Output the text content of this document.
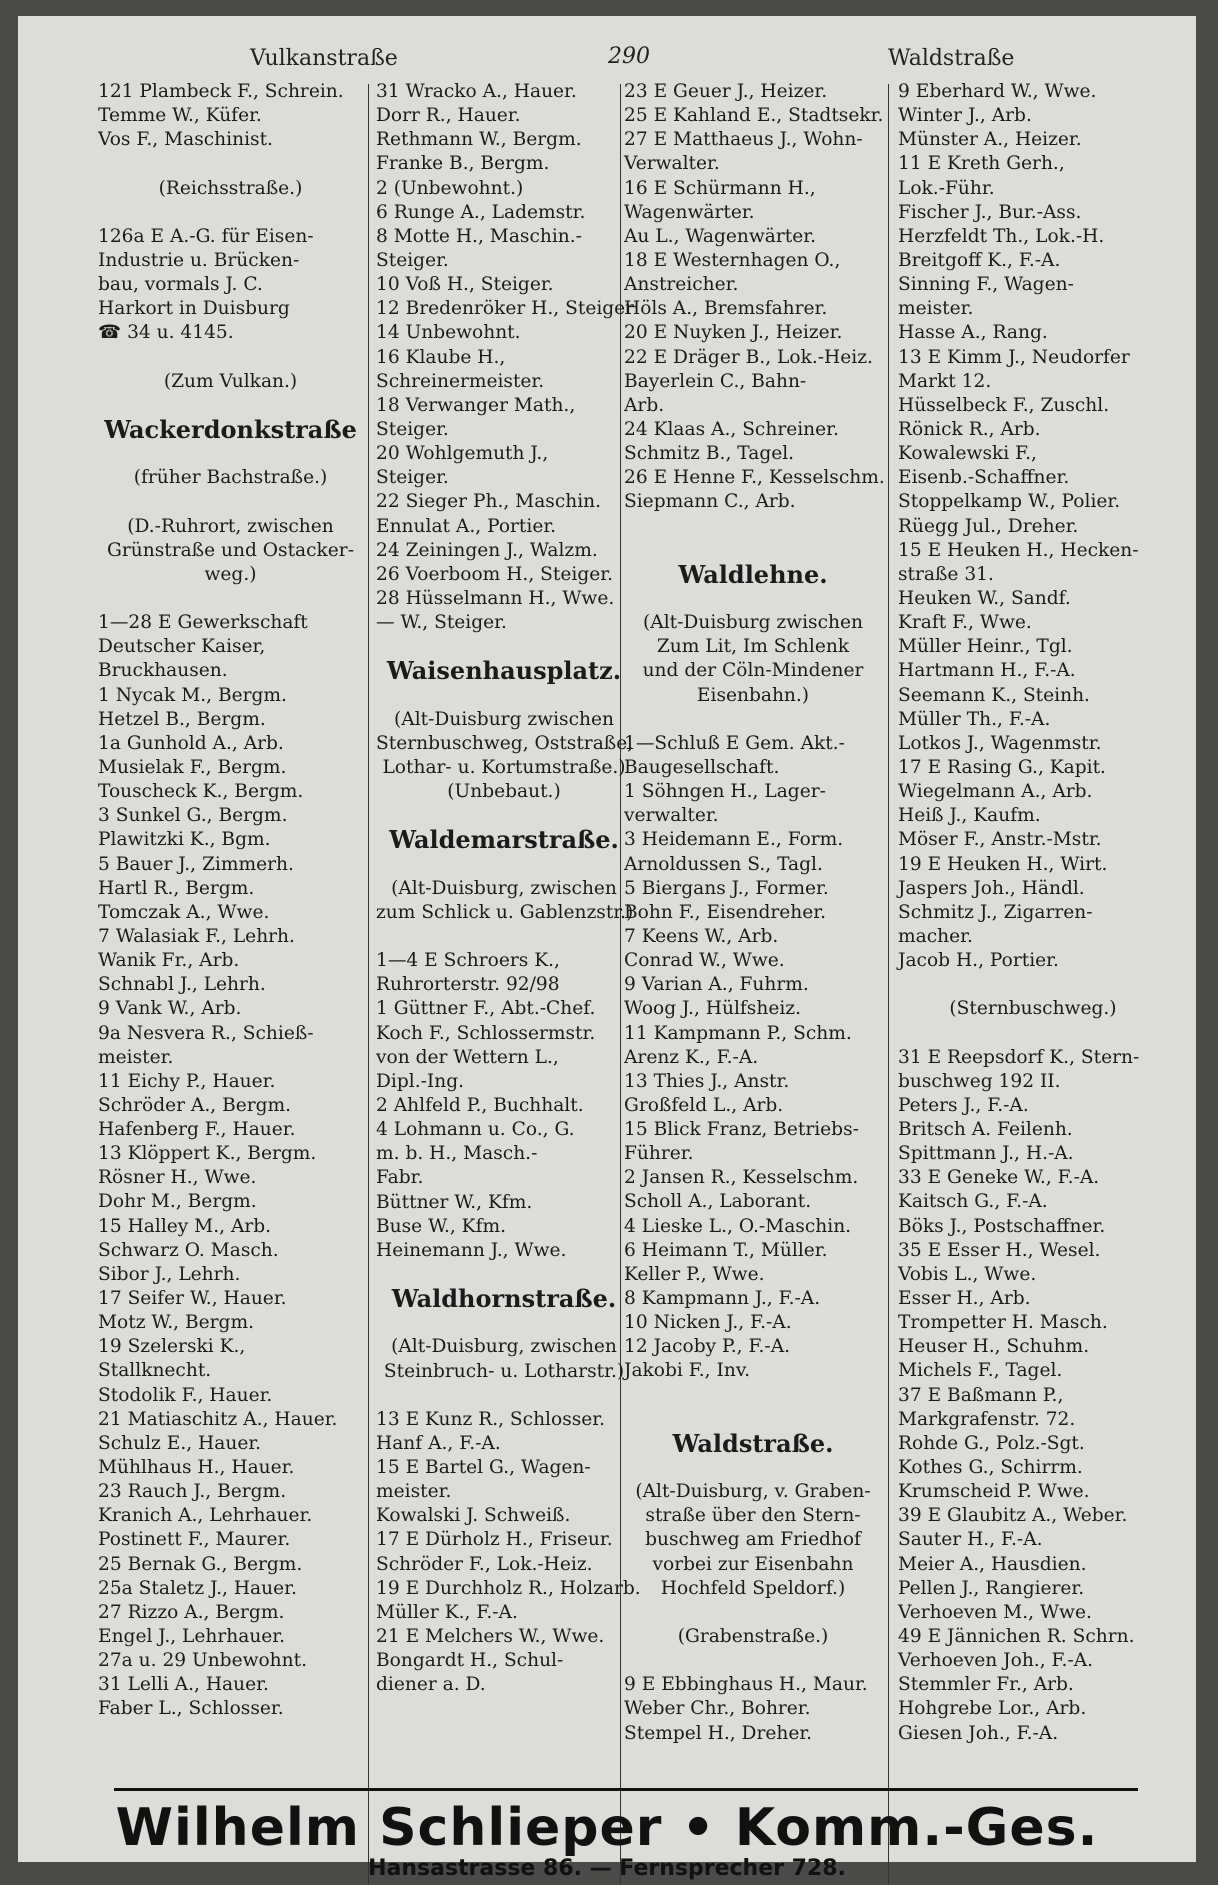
Vulkanstraße	290	Waldstraße
121 Plambeck F., Schrein.
Temme W., Küfer.
Vos F., Maschinist.
(Reichsstraße.)
126a E A.-G. für Eisen-
Industrie u. Brücken-
bau, vormals J. C.
Harkort in Duisburg
☎ 34 u. 4145.
(Zum Vulkan.)
Wackerdonkstraße
(früher Bachstraße.)
(D.-Ruhrort, zwischen
Grünstraße und Ostacker-
weg.)
1—28 E Gewerkschaft
Deutscher Kaiser,
Bruckhausen.
1 Nycak M., Bergm.
Hetzel B., Bergm.
1a Gunhold A., Arb.
Musielak F., Bergm.
Touscheck K., Bergm.
3 Sunkel G., Bergm.
Plawitzki K., Bgm.
5 Bauer J., Zimmerh.
Hartl R., Bergm.
Tomczak A., Wwe.
7 Walasiak F., Lehrh.
Wanik Fr., Arb.
Schnabl J., Lehrh.
9 Vank W., Arb.
9a Nesvera R., Schieß-
meister.
11 Eichy P., Hauer.
Schröder A., Bergm.
Hafenberg F., Hauer.
13 Klöppert K., Bergm.
Rösner H., Wwe.
Dohr M., Bergm.
15 Halley M., Arb.
Schwarz O. Masch.
Sibor J., Lehrh.
17 Seifer W., Hauer.
Motz W., Bergm.
19 Szelerski K.,
Stallknecht.
Stodolik F., Hauer.
21 Matiaschitz A., Hauer.
Schulz E., Hauer.
Mühlhaus H., Hauer.
23 Rauch J., Bergm.
Kranich A., Lehrhauer.
Postinett F., Maurer.
25 Bernak G., Bergm.
25a Staletz J., Hauer.
27 Rizzo A., Bergm.
Engel J., Lehrhauer.
27a u. 29 Unbewohnt.
31 Lelli A., Hauer.
Faber L., Schlosser.
31 Wracko A., Hauer.
Dorr R., Hauer.
Rethmann W., Bergm.
Franke B., Bergm.
2 (Unbewohnt.)
6 Runge A., Lademstr.
8 Motte H., Maschin.-
Steiger.
10 Voß H., Steiger.
12 Bredenröker H., Steiger
14 Unbewohnt.
16 Klaube H.,
Schreinermeister.
18 Verwanger Math.,
Steiger.
20 Wohlgemuth J.,
Steiger.
22 Sieger Ph., Maschin.
Ennulat A., Portier.
24 Zeiningen J., Walzm.
26 Voerboom H., Steiger.
28 Hüsselmann H., Wwe.
— W., Steiger.
Waisenhausplatz.
(Alt-Duisburg zwischen
Sternbuschweg, Oststraße,
Lothar- u. Kortumstraße.)
(Unbebaut.)
Waldemarstraße.
(Alt-Duisburg, zwischen
zum Schlick u. Gablenzstr.)
1—4 E Schroers K.,
Ruhrorterstr. 92/98
1 Güttner F., Abt.-Chef.
Koch F., Schlossermstr.
von der Wettern L.,
Dipl.-Ing.
2 Ahlfeld P., Buchhalt.
4 Lohmann u. Co., G.
m. b. H., Masch.-
Fabr.
Büttner W., Kfm.
Buse W., Kfm.
Heinemann J., Wwe.
Waldhornstraße.
(Alt-Duisburg, zwischen
Steinbruch- u. Lotharstr.)
13 E Kunz R., Schlosser.
Hanf A., F.-A.
15 E Bartel G., Wagen-
meister.
Kowalski J. Schweiß.
17 E Dürholz H., Friseur.
Schröder F., Lok.-Heiz.
19 E Durchholz R., Holzarb.
Müller K., F.-A.
21 E Melchers W., Wwe.
Bongardt H., Schul-
diener a. D.
23 E Geuer J., Heizer.
25 E Kahland E., Stadtsekr.
27 E Matthaeus J., Wohn-
Verwalter.
16 E Schürmann H.,
Wagenwärter.
Au L., Wagenwärter.
18 E Westernhagen O.,
Anstreicher.
Höls A., Bremsfahrer.
20 E Nuyken J., Heizer.
22 E Dräger B., Lok.-Heiz.
Bayerlein C., Bahn-
Arb.
24 Klaas A., Schreiner.
Schmitz B., Tagel.
26 E Henne F., Kesselschm.
Siepmann C., Arb.
Waldlehne.
(Alt-Duisburg zwischen
Zum Lit, Im Schlenk
und der Cöln-Mindener
Eisenbahn.)
1—Schluß E Gem. Akt.-
Baugesellschaft.
1 Söhngen H., Lager-
verwalter.
3 Heidemann E., Form.
Arnoldussen S., Tagl.
5 Biergans J., Former.
Bohn F., Eisendreher.
7 Keens W., Arb.
Conrad W., Wwe.
9 Varian A., Fuhrm.
Woog J., Hülfsheiz.
11 Kampmann P., Schm.
Arenz K., F.-A.
13 Thies J., Anstr.
Großfeld L., Arb.
15 Blick Franz, Betriebs-
Führer.
2 Jansen R., Kesselschm.
Scholl A., Laborant.
4 Lieske L., O.-Maschin.
6 Heimann T., Müller.
Keller P., Wwe.
8 Kampmann J., F.-A.
10 Nicken J., F.-A.
12 Jacoby P., F.-A.
Jakobi F., Inv.
Waldstraße.
(Alt-Duisburg, v. Graben-
straße über den Stern-
buschweg am Friedhof
vorbei zur Eisenbahn
Hochfeld Speldorf.)
(Grabenstraße.)
9 E Ebbinghaus H., Maur.
Weber Chr., Bohrer.
Stempel H., Dreher.
9 Eberhard W., Wwe.
Winter J., Arb.
Münster A., Heizer.
11 E Kreth Gerh.,
Lok.-Führ.
Fischer J., Bur.-Ass.
Herzfeldt Th., Lok.-H.
Breitgoff K., F.-A.
Sinning F., Wagen-
meister.
Hasse A., Rang.
13 E Kimm J., Neudorfer
Markt 12.
Hüsselbeck F., Zuschl.
Rönick R., Arb.
Kowalewski F.,
Eisenb.-Schaffner.
Stoppelkamp W., Polier.
Rüegg Jul., Dreher.
15 E Heuken H., Hecken-
straße 31.
Heuken W., Sandf.
Kraft F., Wwe.
Müller Heinr., Tgl.
Hartmann H., F.-A.
Seemann K., Steinh.
Müller Th., F.-A.
Lotkos J., Wagenmstr.
17 E Rasing G., Kapit.
Wiegelmann A., Arb.
Heiß J., Kaufm.
Möser F., Anstr.-Mstr.
19 E Heuken H., Wirt.
Jaspers Joh., Händl.
Schmitz J., Zigarren-
macher.
Jacob H., Portier.
(Sternbuschweg.)
31 E Reepsdorf K., Stern-
buschweg 192 II.
Peters J., F.-A.
Britsch A. Feilenh.
Spittmann J., H.-A.
33 E Geneke W., F.-A.
Kaitsch G., F.-A.
Böks J., Postschaffner.
35 E Esser H., Wesel.
Vobis L., Wwe.
Esser H., Arb.
Trompetter H. Masch.
Heuser H., Schuhm.
Michels F., Tagel.
37 E Baßmann P.,
Markgrafenstr. 72.
Rohde G., Polz.-Sgt.
Kothes G., Schirrm.
Krumscheid P. Wwe.
39 E Glaubitz A., Weber.
Sauter H., F.-A.
Meier A., Hausdien.
Pellen J., Rangierer.
Verhoeven M., Wwe.
49 E Jännichen R. Schrn.
Verhoeven Joh., F.-A.
Stemmler Fr., Arb.
Hohgrebe Lor., Arb.
Giesen Joh., F.-A.
Wilhelm Schlieper • Komm.-Ges.
Hansastrasse 86. — Fernsprecher 728.
